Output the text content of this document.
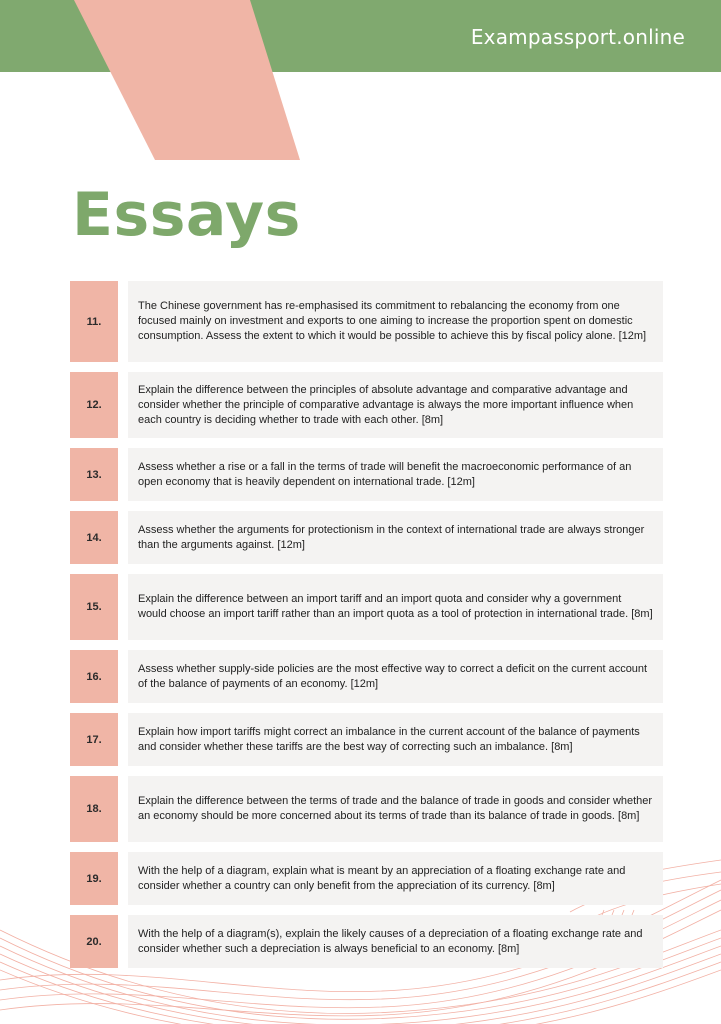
Exampassport.online
Essays
11.
The Chinese government has re-emphasised its commitment to rebalancing the economy from one focused mainly on investment and exports to one aiming to increase the proportion spent on domestic consumption. Assess the extent to which it would be possible to achieve this by fiscal policy alone. [12m]
12.
Explain the difference between the principles of absolute advantage and comparative advantage and consider whether the principle of comparative advantage is always the more important influence when each country is deciding whether to trade with each other. [8m]
13.
Assess whether a rise or a fall in the terms of trade will benefit the macroeconomic performance of an open economy that is heavily dependent on international trade. [12m]
14.
Assess whether the arguments for protectionism in the context of international trade are always stronger than the arguments against. [12m]
15.
Explain the difference between an import tariff and an import quota and consider why a government would choose an import tariff rather than an import quota as a tool of protection in international trade. [8m]
16.
Assess whether supply-side policies are the most effective way to correct a deficit on the current account of the balance of payments of an economy. [12m]
17.
Explain how import tariffs might correct an imbalance in the current account of the balance of payments and consider whether these tariffs are the best way of correcting such an imbalance. [8m]
18.
Explain the difference between the terms of trade and the balance of trade in goods and consider whether an economy should be more concerned about its terms of trade than its balance of trade in goods. [8m]
19.
With the help of a diagram, explain what is meant by an appreciation of a floating exchange rate and consider whether a country can only benefit from the appreciation of its currency. [8m]
20.
With the help of a diagram(s), explain the likely causes of a depreciation of a floating exchange rate and consider whether such a depreciation is always beneficial to an economy. [8m]
